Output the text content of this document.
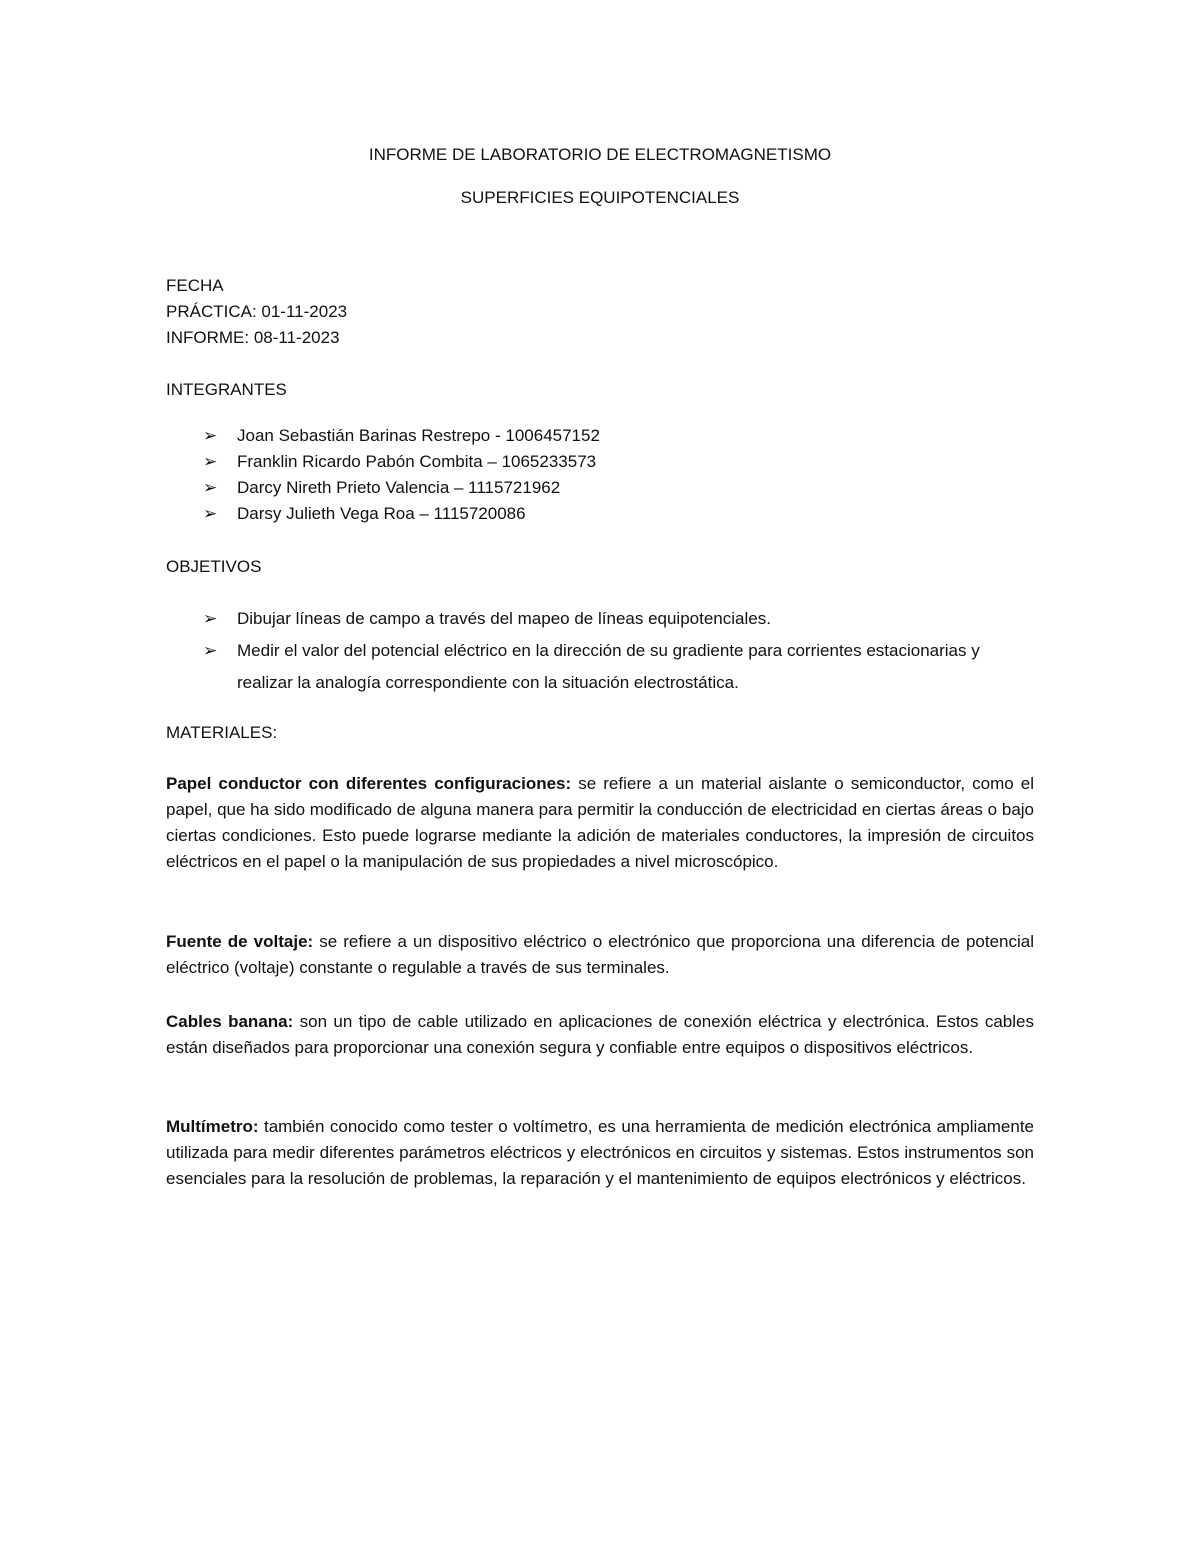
INFORME DE LABORATORIO DE ELECTROMAGNETISMO
SUPERFICIES EQUIPOTENCIALES
FECHA
PRÁCTICA: 01-11-2023
INFORME: 08-11-2023
INTEGRANTES
➢ Joan Sebastián Barinas Restrepo - 1006457152
➢ Franklin Ricardo Pabón Combita – 1065233573
➢ Darcy Nireth Prieto Valencia – 1115721962
➢ Darsy Julieth Vega Roa – 1115720086
OBJETIVOS
➢ Dibujar líneas de campo a través del mapeo de líneas equipotenciales.
➢ Medir el valor del potencial eléctrico en la dirección de su gradiente para corrientes estacionarias y realizar la analogía correspondiente con la situación electrostática.
MATERIALES:
Papel conductor con diferentes configuraciones: se refiere a un material aislante o semiconductor, como el papel, que ha sido modificado de alguna manera para permitir la conducción de electricidad en ciertas áreas o bajo ciertas condiciones. Esto puede lograrse mediante la adición de materiales conductores, la impresión de circuitos eléctricos en el papel o la manipulación de sus propiedades a nivel microscópico.
Fuente de voltaje: se refiere a un dispositivo eléctrico o electrónico que proporciona una diferencia de potencial eléctrico (voltaje) constante o regulable a través de sus terminales.
Cables banana: son un tipo de cable utilizado en aplicaciones de conexión eléctrica y electrónica. Estos cables están diseñados para proporcionar una conexión segura y confiable entre equipos o dispositivos eléctricos.
Multímetro: también conocido como tester o voltímetro, es una herramienta de medición electrónica ampliamente utilizada para medir diferentes parámetros eléctricos y electrónicos en circuitos y sistemas. Estos instrumentos son esenciales para la resolución de problemas, la reparación y el mantenimiento de equipos electrónicos y eléctricos.
